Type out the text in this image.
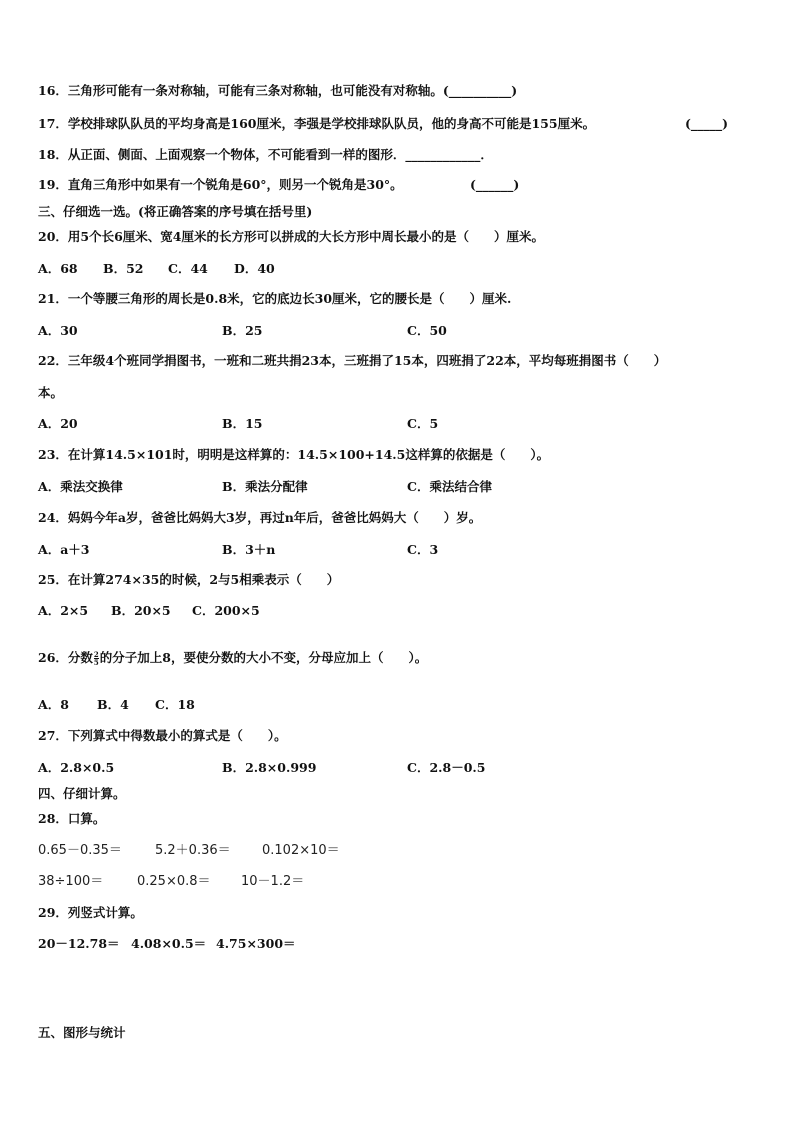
16．三角形可能有一条对称轴，可能有三条对称轴，也可能没有对称轴。(__________)
17．学校排球队队员的平均身高是160厘米，李强是学校排球队队员，他的身高不可能是155厘米。	(_____)
18．从正面、侧面、上面观察一个物体，不可能看到一样的图形．____________．
19．直角三角形中如果有一个锐角是60°，则另一个锐角是30°。	(______)
三、仔细选一选。(将正确答案的序号填在括号里)
20．用5个长6厘米、宽4厘米的长方形可以拼成的大长方形中周长最小的是（　　）厘米。
A．68 B．52 C．44 D．40
21．一个等腰三角形的周长是0.8米，它的底边长30厘米，它的腰长是（　　）厘米.
A．30	B．25	C．50
22．三年级4个班同学捐图书，一班和二班共捐23本，三班捐了15本，四班捐了22本，平均每班捐图书（　　）
本。
A．20	B．15	C．5
23．在计算14.5×101时，明明是这样算的：14.5×100+14.5这样算的依据是（　　）。
A．乘法交换律	B．乘法分配律	C．乘法结合律
24．妈妈今年a岁，爸爸比妈妈大3岁，再过n年后，爸爸比妈妈大（　　）岁。
A．a＋3	B．3＋n	C．3
25．在计算274×35的时候，2与5相乘表示（　　）
A．2×5 B．20×5 C．200×5
26．分数 $\frac{2}{5}$ 的分子加上8，要使分数的大小不变，分母应加上（　　）。
A．8 B．4 C．18
27．下列算式中得数最小的算式是（　　）。
A．2.8×0.5	B．2.8×0.999	C．2.8－0.5
四、仔细计算。
28．口算。
0.65－0.35＝	5.2＋0.36＝ 0.102×10＝
38÷100＝	0.25×0.8＝ 10－1.2＝
29．列竖式计算。
20－12.78＝ 4.08×0.5＝ 4.75×300＝
五、图形与统计
